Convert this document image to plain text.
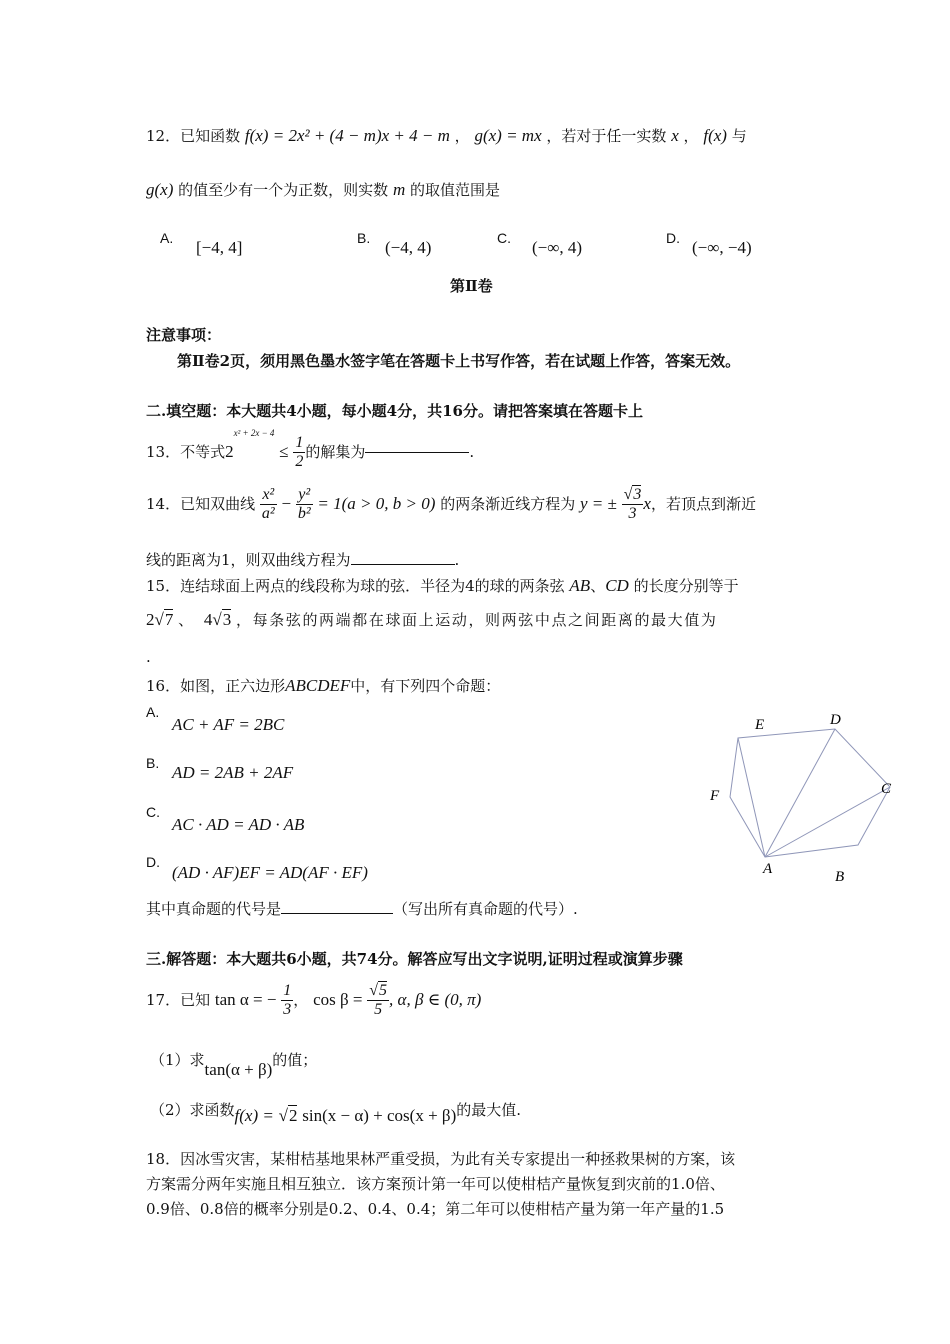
12．已知函数 f(x) = 2x² + (4 − m)x + 4 − m ， g(x) = mx ，若对于任一实数 x ， f(x) 与
g(x) 的值至少有一个为正数，则实数 m 的取值范围是
A. [−4, 4]	B. (−4, 4)	C. (−∞, 4)	D. (−∞, −4)
第Ⅱ卷
注意事项：
第Ⅱ卷2页，须用黑色墨水签字笔在答题卡上书写作答，若在试题上作答，答案无效。
二.填空题：本大题共4小题，每小题4分，共16分。请把答案填在答题卡上
13．不等式$2^{x^2 + 2x - 4} \le \frac{1}{2}$ 的解集为	.
14．已知双曲线 $\frac{\text{x²}}{\text{a²}} - \frac{\text{y²}}{\text{b²}} = 1(a > 0$, b > 0) 的两条渐近线方程为 y = ± $\frac{√3}{3}$ x，若顶点到渐近
线的距离为1，则双曲线方程为	.
15．连结球面上两点的线段称为球的弦．半径为4的球的两条弦 AB、CD 的长度分别等于
2√7 、 4√3 ，每条弦的两端都在球面上运动，则两弦中点之间距离的最大值为
.
16．如图，正六边形ABCDEF中，有下列四个命题：
A.
AC + AF = 2BC
B. AD = 2AB + 2AF
C.
AC · AD = AD · AB
D.
(AD · AF)EF = AD(AF · EF)	A	B
C
D
E
F
其中真命题的代号是	（写出所有真命题的代号）.
三.解答题：本大题共6小题，共74分。解答应写出文字说明,证明过程或演算步骤
17．已知 tan α = − $\frac{1}{3}$ ， $\cos \beta = \frac{√5}{5}$ , α, β ∈ (0, π)
（1）求tan(α + β)的值；
（2）求函数f(x) = √2 sin(x − α) + cos(x + β)的最大值.
18．因冰雪灾害，某柑桔基地果林严重受损，为此有关专家提出一种拯救果树的方案，该
方案需分两年实施且相互独立．该方案预计第一年可以使柑桔产量恢复到灾前的1.0倍、
0.9倍、0.8倍的概率分别是0.2、0.4、0.4；第二年可以使柑桔产量为第一年产量的1.5
